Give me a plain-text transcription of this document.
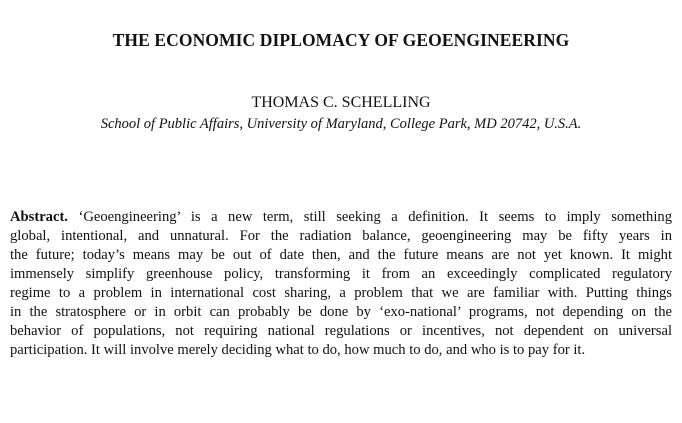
THE ECONOMIC DIPLOMACY OF GEOENGINEERING
THOMAS C. SCHELLING
School of Public Affairs, University of Maryland, College Park, MD 20742, U.S.A.
Abstract. ‘Geoengineering’ is a new term, still seeking a definition. It seems to imply something
global, intentional, and unnatural. For the radiation balance, geoengineering may be fifty years in
the future; today’s means may be out of date then, and the future means are not yet known. It might
immensely simplify greenhouse policy, transforming it from an exceedingly complicated regulatory
regime to a problem in international cost sharing, a problem that we are familiar with. Putting things
in the stratosphere or in orbit can probably be done by ‘exo-national’ programs, not depending on the
behavior of populations, not requiring national regulations or incentives, not dependent on universal
participation. It will involve merely deciding what to do, how much to do, and who is to pay for it.
